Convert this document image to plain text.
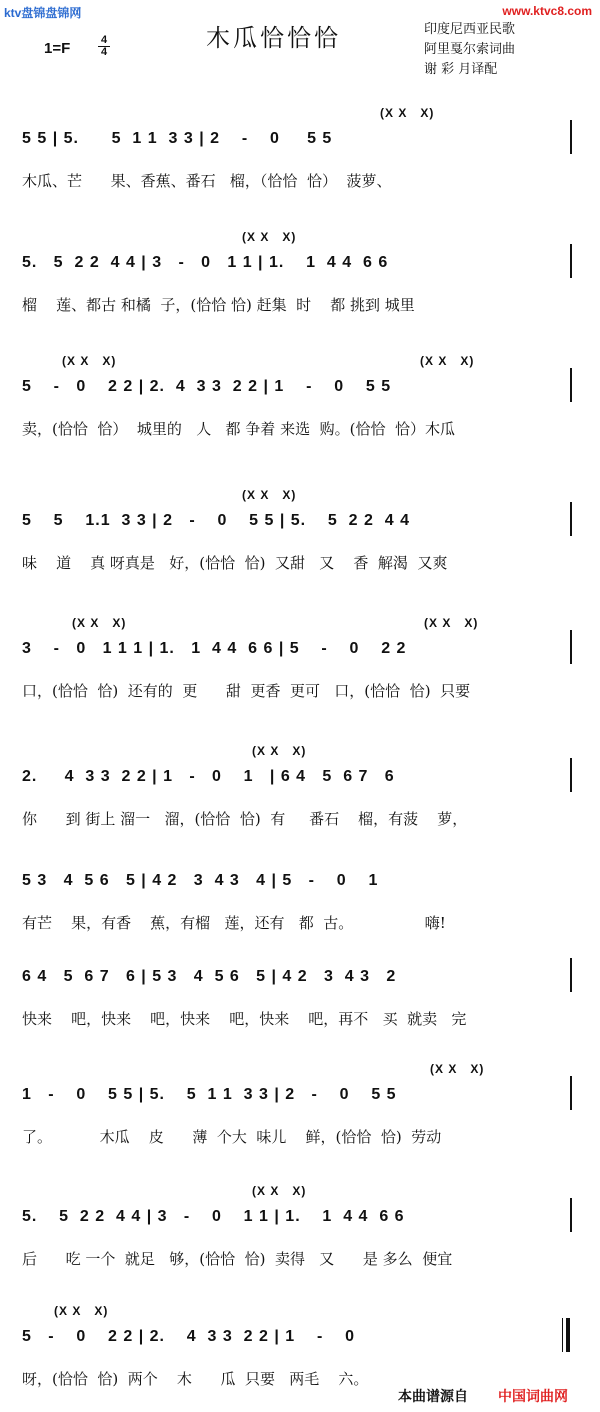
ktv盘锦盘锦网	www.ktvc8.com
1=F	$\frac{4}{4}$	木瓜恰恰恰	印度尼西亚民歌
阿里戛尔索词曲
谢 彩 月译配
(X X   X)
5 5 | 5.      5  1 1  3 3 | 2    -    0     5 5
木瓜、芒      果、香蕉、番石   榴，（恰恰  恰）  菠萝、
(X X   X)
5.   5  2 2  4 4 | 3   -   0   1 1 | 1.    1  4 4  6 6
榴    莲、都古 和橘  子，(恰恰 恰) 赶集  时    都 挑到 城里
(X X   X)	(X X   X)
5    -   0    2 2 | 2.  4  3 3  2 2 | 1    -    0    5 5
卖，(恰恰  恰）  城里的   人   都 争着 来选  购。(恰恰  恰）木瓜
(X X   X)
5    5    1.1  3 3 | 2   -    0    5 5 | 5.    5  2 2  4 4
味    道    真 呀真是   好，(恰恰  恰)  又甜   又    香  解渴  又爽
(X X   X)	(X X   X)
3    -   0   1 1 1 | 1.   1  4 4  6 6 | 5    -    0    2 2
口，(恰恰  恰)  还有的  更      甜  更香  更可   口，(恰恰  恰)  只要
(X X   X)
2.     4  3 3  2 2 | 1   -   0    1   | 6 4   5  6 7   6
你      到 街上 溜一   溜，(恰恰  恰)  有     番石    榴，有菠    萝，
5 3   4  5 6   5 | 4 2   3  4 3   4 | 5   -    0    1
有芒    果，有香    蕉，有榴   莲，还有   都  古。               嗨!
6 4   5  6 7   6 | 5 3   4  5 6   5 | 4 2   3  4 3   2
快来    吧，快来    吧，快来    吧，快来    吧，再不   买  就卖   完
(X X   X)
1   -    0    5 5 | 5.    5  1 1  3 3 | 2   -    0    5 5
了。          木瓜    皮      薄  个大  味儿    鲜，(恰恰  恰)  劳动
(X X   X)
5.    5  2 2  4 4 | 3   -    0    1 1 | 1.    1  4 4  6 6
后      吃 一个  就足   够，(恰恰  恰)  卖得   又      是 多么  便宜
(X X   X)
5   -    0    2 2 | 2.    4  3 3  2 2 | 1    -    0
呀，(恰恰  恰)  两个    木      瓜  只要   两毛    六。
本曲谱源自 中国词曲网
